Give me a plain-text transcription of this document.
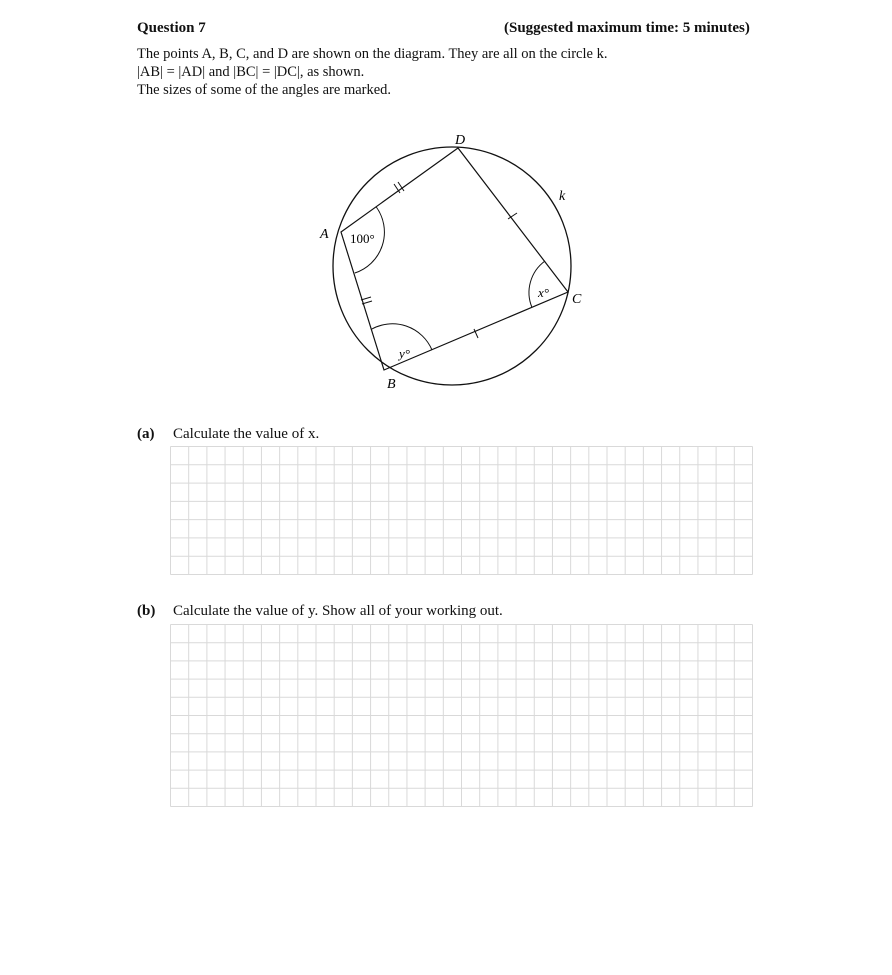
Question 7	(Suggested maximum time: 5 minutes)
The points A, B, C, and D are shown on the diagram. They are all on the circle k.
|AB| = |AD| and |BC| = |DC|, as shown.
The sizes of some of the angles are marked.
D
A
C
B
k
100°
x°
y°
(a) Calculate the value of x.
(b) Calculate the value of y. Show all of your working out.
